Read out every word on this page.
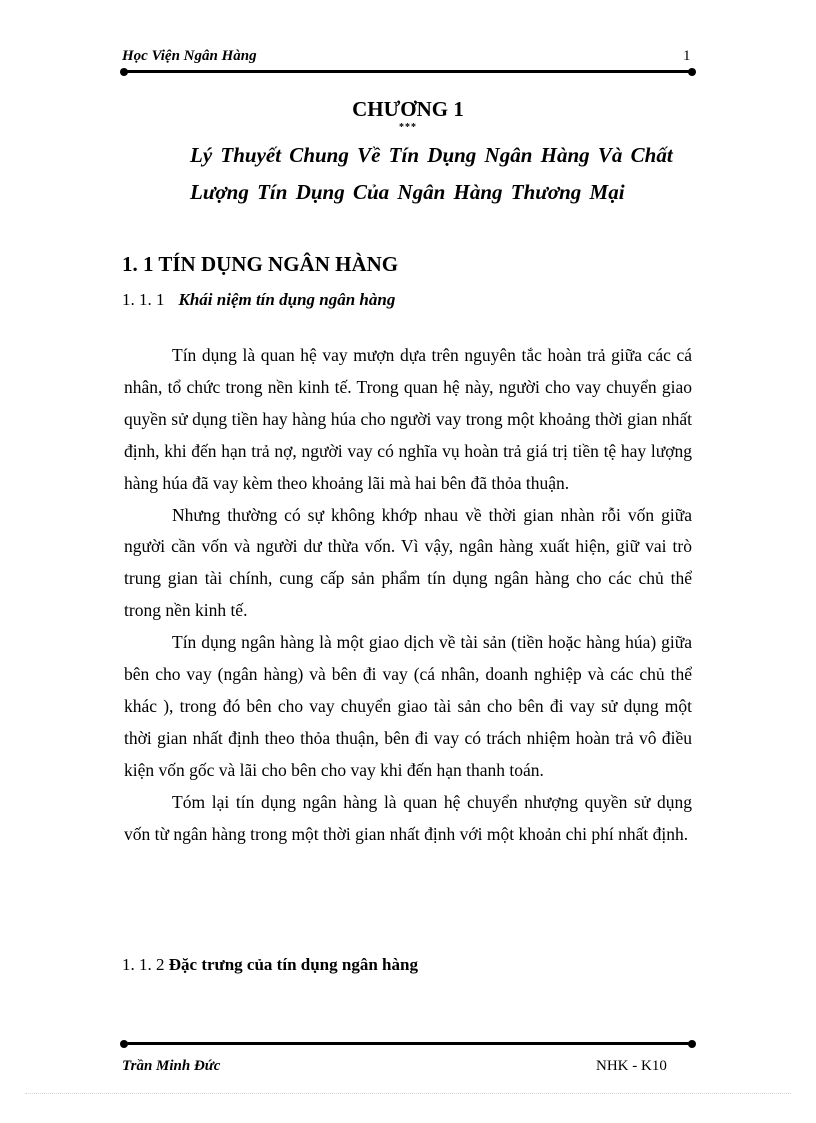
Học Viện Ngân Hàng	1
CHƯƠNG 1
***
Lý Thuyết Chung Về Tín Dụng Ngân Hàng Và Chất
Lượng Tín Dụng Của Ngân Hàng Thương Mại
1. 1 TÍN DỤNG NGÂN HÀNG
1. 1. 1 Khái niệm tín dụng ngân hàng

Tín dụng là quan hệ vay mượn dựa trên nguyên tắc hoàn trả giữa các cá nhân, tổ chức trong nền kinh tế. Trong quan hệ này, người cho vay chuyển giao quyền sử dụng tiền hay hàng húa cho người vay trong một khoảng thời gian nhất định, khi đến hạn trả nợ, người vay có nghĩa vụ hoàn trả giá trị tiền tệ hay lượng hàng húa đã vay kèm theo khoảng lãi mà hai bên đã thỏa thuận.

Nhưng thường có sự không khớp nhau về thời gian nhàn rỗi vốn giữa người cần vốn và người dư thừa vốn. Vì vậy, ngân hàng xuất hiện, giữ vai trò trung gian tài chính, cung cấp sản phẩm tín dụng ngân hàng cho các chủ thể trong nền kinh tế.

Tín dụng ngân hàng là một giao dịch về tài sản (tiền hoặc hàng húa) giữa bên cho vay (ngân hàng) và bên đi vay (cá nhân, doanh nghiệp và các chủ thể khác ), trong đó bên cho vay chuyển giao tài sản cho bên đi vay sử dụng một thời gian nhất định theo thỏa thuận, bên đi vay có trách nhiệm hoàn trả vô điều kiện vốn gốc và lãi cho bên cho vay khi đến hạn thanh toán.

Tóm lại tín dụng ngân hàng là quan hệ chuyển nhượng quyền sử dụng vốn từ ngân hàng trong một thời gian nhất định với một khoản chi phí nhất định.

1. 1. 2 Đặc trưng của tín dụng ngân hàng
Trần Minh Đức	NHK - K10
